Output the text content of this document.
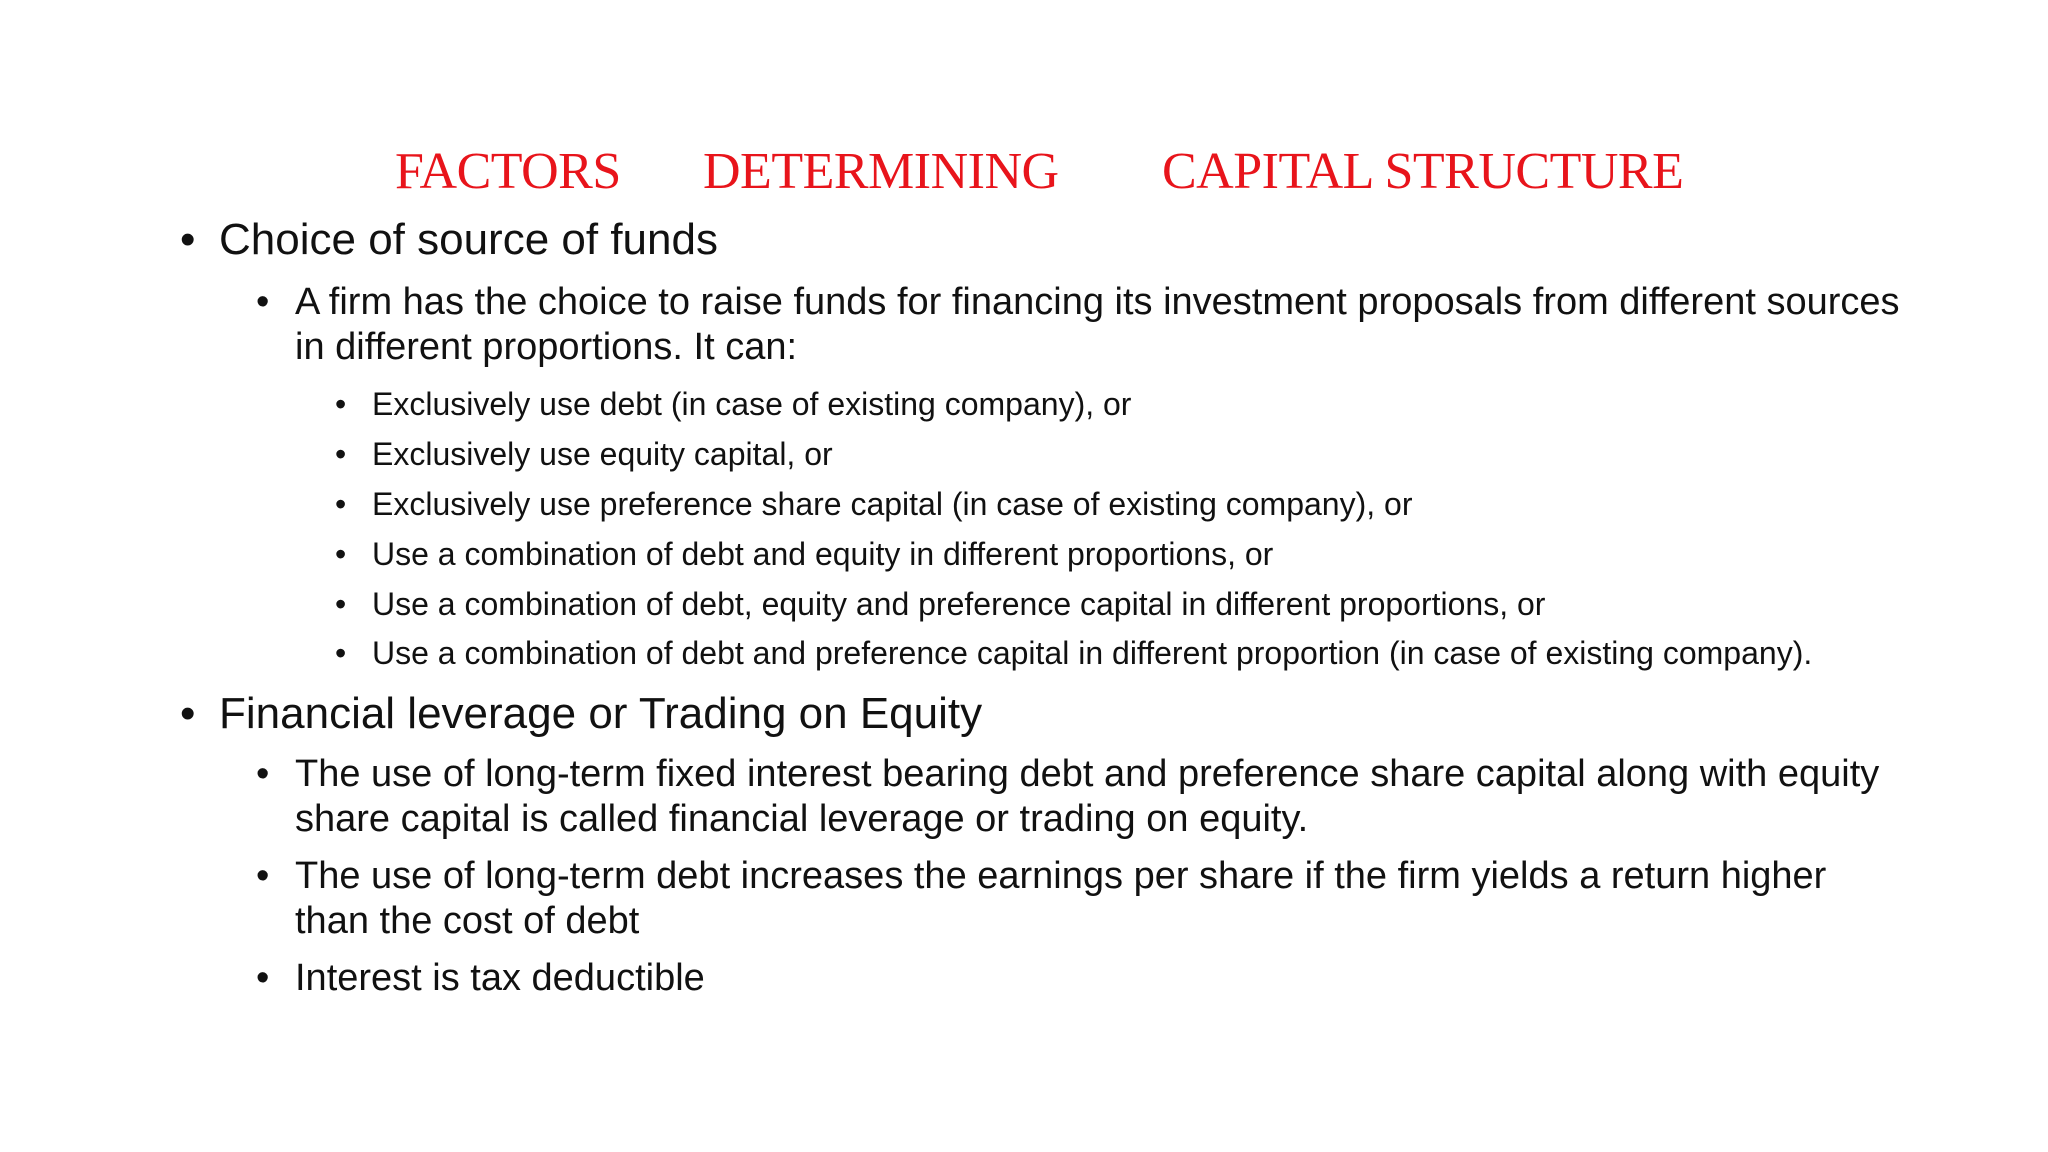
FACTORS DETERMINING CAPITAL STRUCTURE
• Choice of source of funds
• A firm has the choice to raise funds for financing its investment proposals from different sources in different proportions. It can:
• Exclusively use debt (in case of existing company), or
• Exclusively use equity capital, or
• Exclusively use preference share capital (in case of existing company), or
• Use a combination of debt and equity in different proportions, or
• Use a combination of debt, equity and preference capital in different proportions, or
• Use a combination of debt and preference capital in different proportion (in case of existing company).
• Financial leverage or Trading on Equity
• The use of long-term fixed interest bearing debt and preference share capital along with equity share capital is called financial leverage or trading on equity.
• The use of long-term debt increases the earnings per share if the firm yields a return higher than the cost of debt
• Interest is tax deductible
